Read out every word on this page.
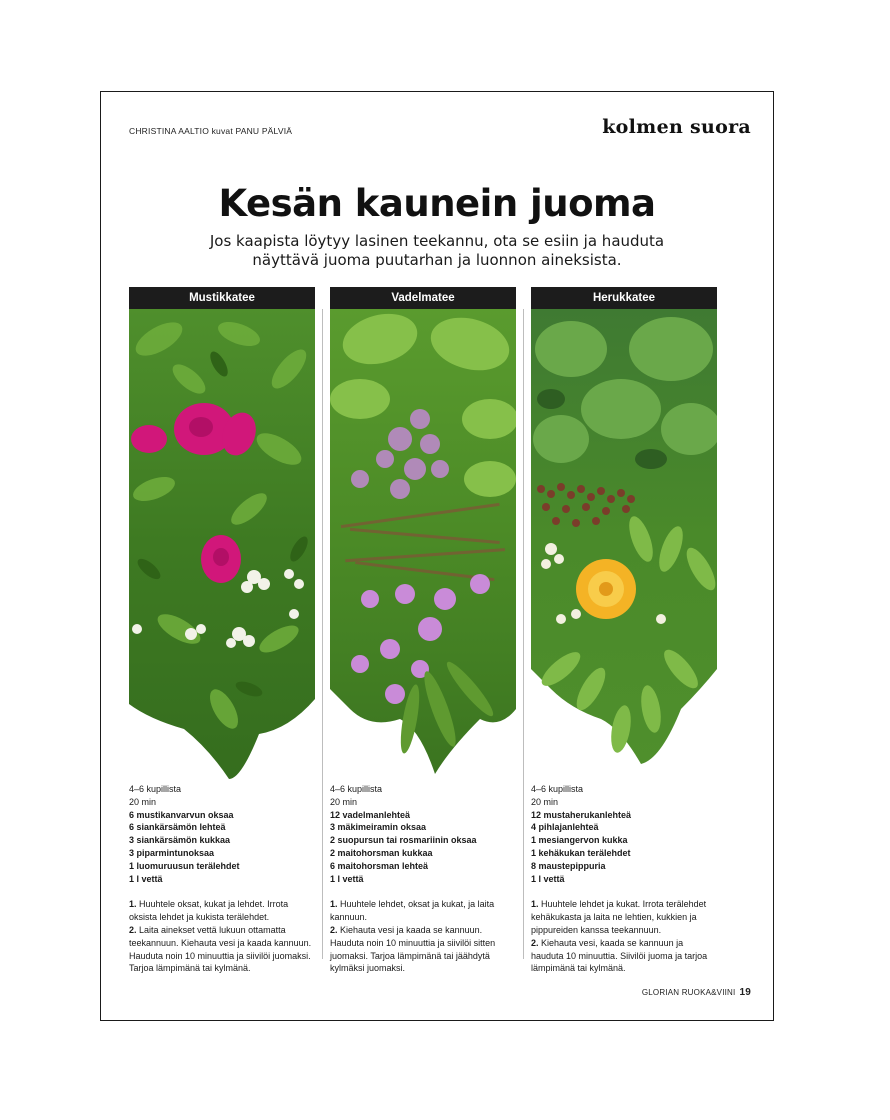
CHRISTINA AALTIO kuvat PANU PÄLVIÄ	kolmen suora
Kesän kaunein juoma

Jos kaapista löytyy lasinen teekannu, ota se esiin ja hauduta näyttävä juoma puutarhan ja luonnon aineksista.

Mustikkatee
4–6 kupillista
20 min
6 mustikanvarvun oksaa
6 siankärsämön lehteä
3 siankärsämön kukkaa
3 piparmintunoksaa
1 luomuruusun terälehdet
1 l vettä

1. Huuhtele oksat, kukat ja lehdet. Irrota oksista lehdet ja kukista terälehdet.

2. Laita ainekset vettä lukuun ottamatta teekannuun. Kiehauta vesi ja kaada kannuun. Hauduta noin 10 minuuttia ja siivilöi juomaksi. Tarjoa lämpimänä tai kylmänä.

Vadelmatee
4–6 kupillista
20 min
12 vadelmanlehteä
3 mäkimeiramin oksaa
2 suopursun tai rosmariinin oksaa
2 maitohorsman kukkaa
6 maitohorsman lehteä
1 l vettä

1. Huuhtele lehdet, oksat ja kukat, ja laita kannuun.

2. Kiehauta vesi ja kaada se kannuun. Hauduta noin 10 minuuttia ja siivilöi sitten juomaksi. Tarjoa lämpimänä tai jäähdytä kylmäksi juomaksi.

Herukkatee
4–6 kupillista
20 min
12 mustaherukanlehteä
4 pihlajanlehteä
1 mesiangervon kukka
1 kehäkukan terälehdet
8 maustepippuria
1 l vettä

1. Huuhtele lehdet ja kukat. Irrota terälehdet kehäkukasta ja laita ne lehtien, kukkien ja pippureiden kanssa teekannuun.

2. Kiehauta vesi, kaada se kannuun ja hauduta 10 minuuttia. Siivilöi juoma ja tarjoa lämpimänä tai kylmänä.

GLORIAN RUOKA&VIINI 19
